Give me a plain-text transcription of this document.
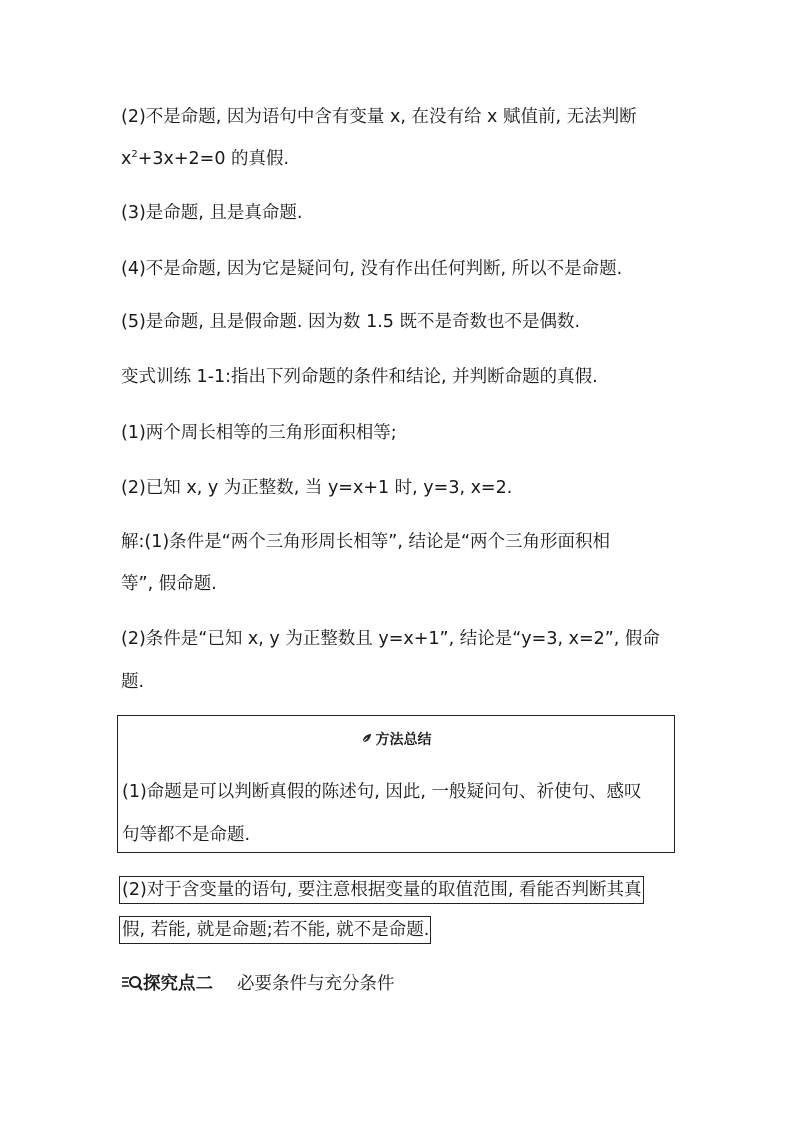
(2)不是命题, 因为语句中含有变量 x, 在没有给 x 赋值前, 无法判断

$x^2+3x+2=0$ 的真假.

(3)是命题, 且是真命题.

(4)不是命题, 因为它是疑问句, 没有作出任何判断, 所以不是命题.

(5)是命题, 且是假命题. 因为数 1.5 既不是奇数也不是偶数.

变式训练 1-1:指出下列命题的条件和结论, 并判断命题的真假.

(1)两个周长相等的三角形面积相等;

(2)已知 x, y 为正整数, 当 y=x+1 时, y=3, x=2.

解:(1)条件是“两个三角形周长相等”, 结论是“两个三角形面积相

等”, 假命题.

(2)条件是“已知 x, y 为正整数且 y=x+1”, 结论是“y=3, x=2”, 假命

题.

方法总结
(1)命题是可以判断真假的陈述句, 因此, 一般疑问句、祈使句、感叹
句等都不是命题.
(2)对于含变量的语句, 要注意根据变量的取值范围, 看能否判断其真
假, 若能, 就是命题;若不能, 就不是命题.
探究点二 必要条件与充分条件
